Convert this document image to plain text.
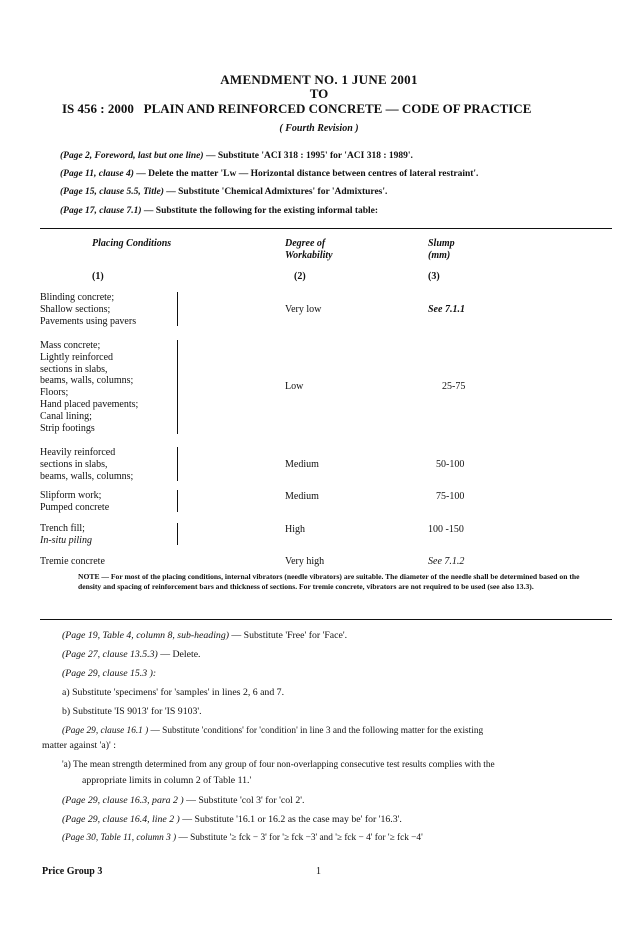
AMENDMENT NO. 1 JUNE 2001
TO
IS 456 : 2000 PLAIN AND REINFORCED CONCRETE — CODE OF PRACTICE
( Fourth Revision )
(Page 2, Foreword, last but one line) — Substitute 'ACI 318 : 1995' for 'ACI 318 : 1989'.
(Page 11, clause 4) — Delete the matter 'Lw — Horizontal distance between centres of lateral restraint'.
(Page 15, clause 5.5, Title) — Substitute 'Chemical Admixtures' for 'Admixtures'.
(Page 17, clause 7.1) — Substitute the following for the existing informal table:
Placing Conditions	Degree of
Workability
Slump
(mm)
(1)	(2)	(3)
Blinding concrete;
Shallow sections;
Pavements using pavers
Very low	See 7.1.1
Mass concrete;
Lightly reinforced
sections in slabs,
beams, walls, columns;
Floors;
Hand placed pavements;
Canal lining;
Strip footings
Low	25-75
Heavily reinforced
sections in slabs,
beams, walls, columns;
Medium	50-100
Slipform work;
Pumped concrete
Medium	75-100
Trench fill;
In-situ piling
High	100 -150
Tremie concrete	Very high	See 7.1.2
NOTE — For most of the placing conditions, internal vibrators (needle vibrators) are suitable. The diameter of the needle shall be determined based on the density and spacing of reinforcement bars and thickness of sections. For tremie concrete, vibrators are not required to be used (see also 13.3).
(Page 19, Table 4, column 8, sub-heading) — Substitute 'Free' for 'Face'.
(Page 27, clause 13.5.3) — Delete.
(Page 29, clause 15.3 ):
a) Substitute 'specimens' for 'samples' in lines 2, 6 and 7.
b) Substitute 'IS 9013' for 'IS 9103'.
(Page 29, clause 16.1 ) — Substitute 'conditions' for 'condition' in line 3 and the following matter for the existing
matter against 'a)' :
'a) The mean strength determined from any group of four non-overlapping consecutive test results complies with the
appropriate limits in column 2 of Table 11.'
(Page 29, clause 16.3, para 2 ) — Substitute 'col 3' for 'col 2'.
(Page 29, clause 16.4, line 2 ) — Substitute '16.1 or 16.2 as the case may be' for '16.3'.
(Page 30, Table 11, column 3 ) — Substitute '≥ fck − 3' for '≥ fck −3' and '≥ fck − 4' for '≥ fck −4'
Price Group 3	1
